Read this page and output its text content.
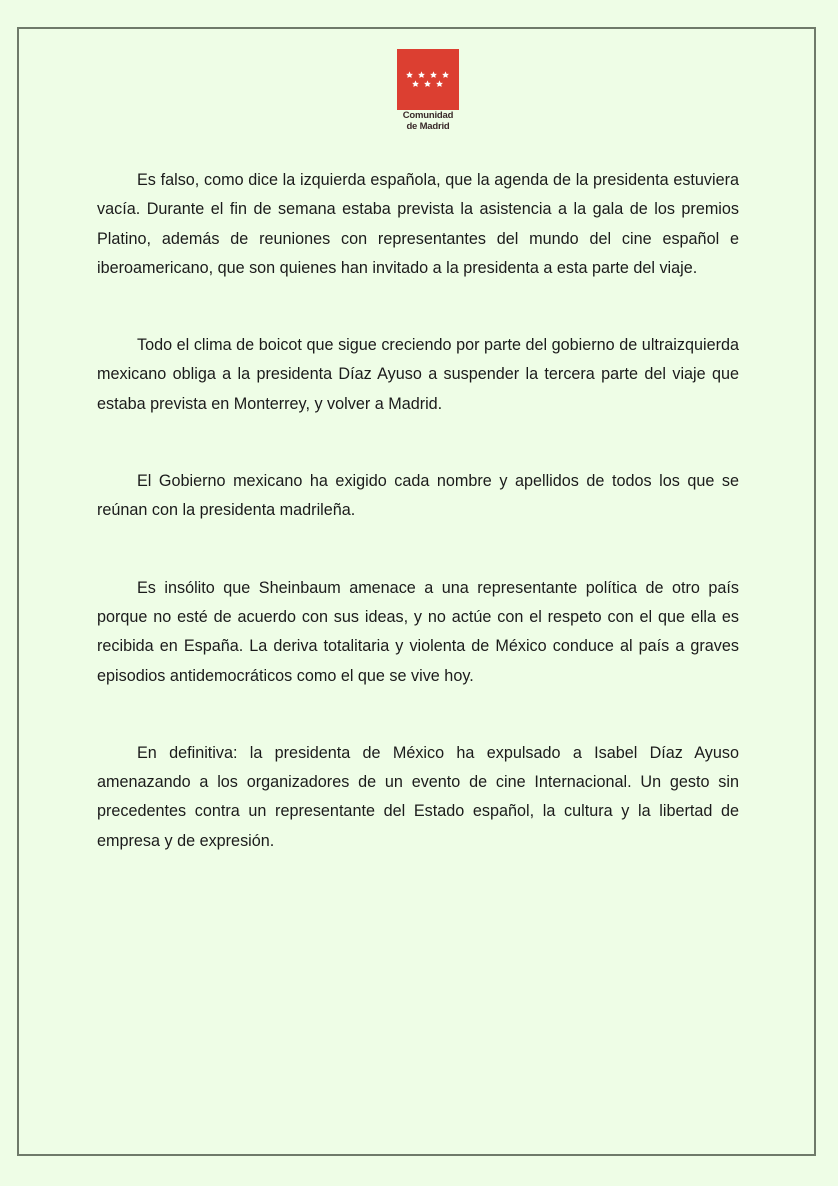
Comunidad
de Madrid

Es falso, como dice la izquierda española, que la agenda de la presidenta estuviera vacía. Durante el fin de semana estaba prevista la asistencia a la gala de los premios Platino, además de reuniones con representantes del mundo del cine español e iberoamericano, que son quienes han invitado a la presidenta a esta parte del viaje.

Todo el clima de boicot que sigue creciendo por parte del gobierno de ultraizquierda mexicano obliga a la presidenta Díaz Ayuso a suspender la tercera parte del viaje que estaba prevista en Monterrey, y volver a Madrid.

El Gobierno mexicano ha exigido cada nombre y apellidos de todos los que se reúnan con la presidenta madrileña.

Es insólito que Sheinbaum amenace a una representante política de otro país porque no esté de acuerdo con sus ideas, y no actúe con el respeto con el que ella es recibida en España. La deriva totalitaria y violenta de México conduce al país a graves episodios antidemocráticos como el que se vive hoy.

En definitiva: la presidenta de México ha expulsado a Isabel Díaz Ayuso amenazando a los organizadores de un evento de cine Internacional. Un gesto sin precedentes contra un representante del Estado español, la cultura y la libertad de empresa y de expresión.
